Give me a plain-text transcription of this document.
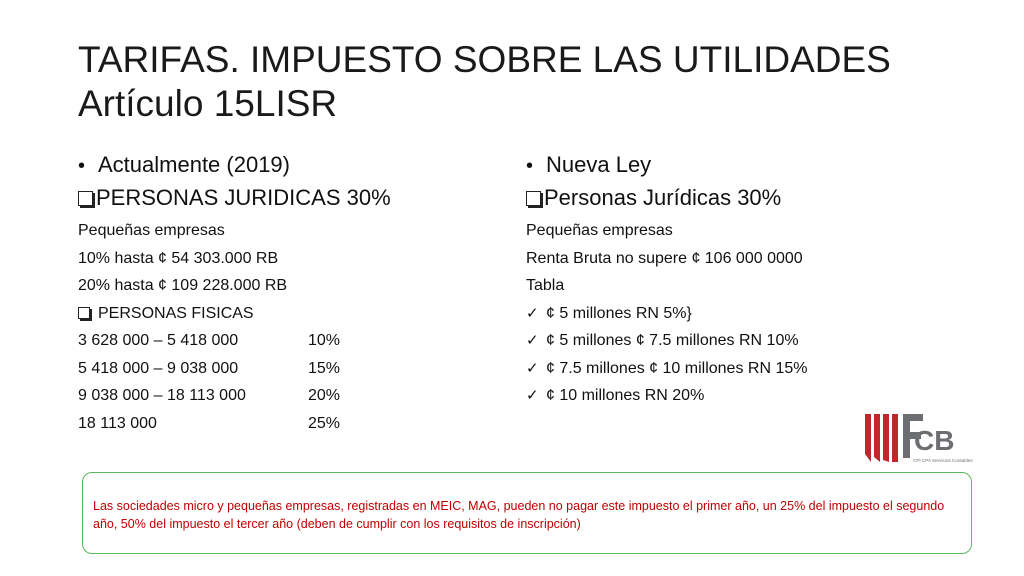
TARIFAS. IMPUESTO SOBRE LAS UTILIDADES
Artículo 15LISR
• Actualmente (2019)
PERSONAS JURIDICAS 30%
Pequeñas empresas
10% hasta ¢ 54 303.000 RB
20% hasta ¢ 109 228.000 RB
PERSONAS FISICAS
3 628 000 – 5 418 000	10%
5 418 000 – 9 038 000	15%
9 038 000 – 18 113 000	20%
18 113 000	25%
• Nueva Ley
Personas Jurídicas 30%
Pequeñas empresas
Renta Bruta no supere ¢ 106 000 0000
Tabla
✓ ¢ 5 millones RN 5%}
✓ ¢ 5 millones ¢ 7.5 millones RN 10%
✓ ¢ 7.5 millones ¢ 10 millones RN 15%
✓ ¢ 10 millones RN 20%
CB
CPI CPA Servicios Contables

Las sociedades micro y pequeñas empresas, registradas en MEIC, MAG, pueden no pagar este impuesto el primer año, un 25% del impuesto el segundo año, 50% del impuesto el tercer año (deben de cumplir con los requisitos de inscripción)
